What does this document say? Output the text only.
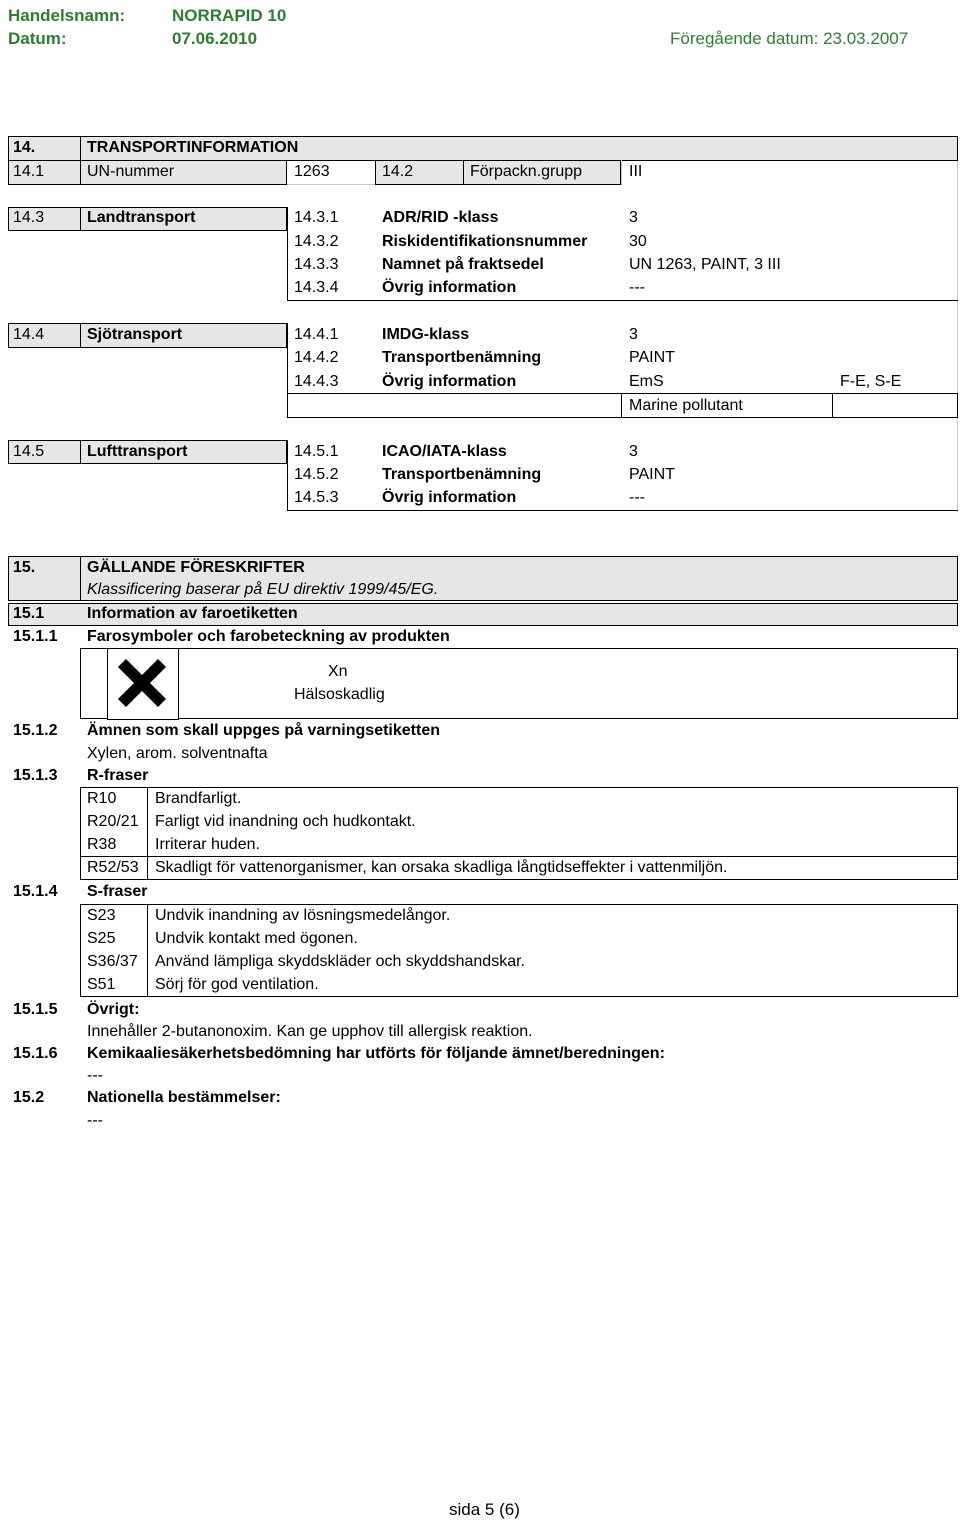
Handelsnamn:	NORRAPID 10
Datum:	07.06.2010	Föregående datum: 23.03.2007
14.	TRANSPORTINFORMATION
14.1	UN-nummer	1263	14.2	Förpackn.grupp	III
14.3	Landtransport	14.3.1	ADR/RID -klass	3
14.3.2	Riskidentifikationsnummer	30
14.3.3	Namnet på fraktsedel	UN 1263, PAINT, 3 III
14.3.4	Övrig information	---
14.4	Sjötransport	14.4.1	IMDG-klass	3
14.4.2	Transportbenämning	PAINT
14.4.3	Övrig information	EmS	F-E, S-E
Marine pollutant
14.5	Lufttransport	14.5.1	ICAO/IATA-klass	3
14.5.2	Transportbenämning	PAINT
14.5.3	Övrig information	---
15.	GÄLLANDE FÖRESKRIFTER
Klassificering baserar på EU direktiv 1999/45/EG.
15.1	Information av faroetiketten
15.1.1 Farosymboler och farobeteckning av produkten
Xn
Hälsoskadlig
15.1.2 Ämnen som skall uppges på varningsetiketten
Xylen, arom. solventnafta
15.1.3 R-fraser
R10 Brandfarligt.
R20/21 Farligt vid inandning och hudkontakt.
R38 Irriterar huden.
R52/53 Skadligt för vattenorganismer, kan orsaka skadliga långtidseffekter i vattenmiljön.
15.1.4 S-fraser
S23 Undvik inandning av lösningsmedelångor.
S25 Undvik kontakt med ögonen.
S36/37 Använd lämpliga skyddskläder och skyddshandskar.
S51 Sörj för god ventilation.
15.1.5 Övrigt:
Innehåller 2-butanonoxim. Kan ge upphov till allergisk reaktion.
15.1.6 Kemikaaliesäkerhetsbedömning har utförts för följande ämnet/beredningen:
---
15.2	Nationella bestämmelser:
---
sida 5 (6)
